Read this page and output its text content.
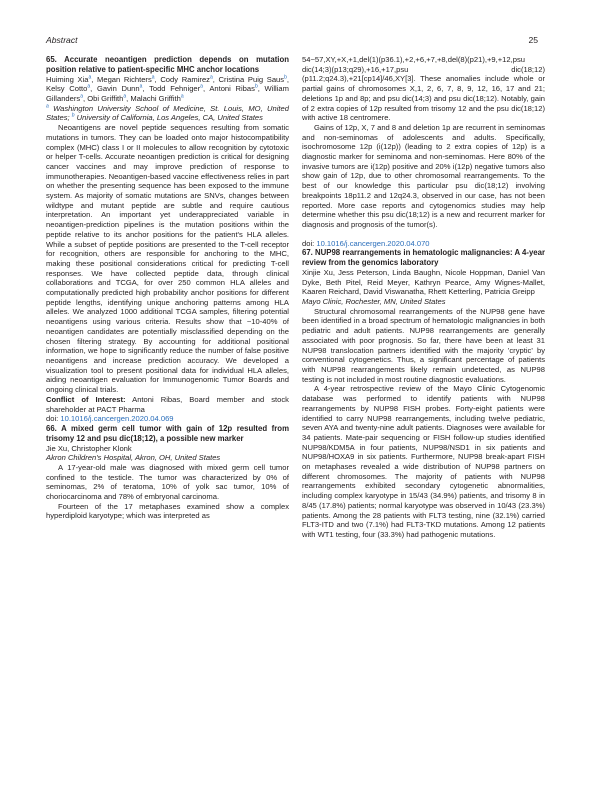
Abstract	25

65. Accurate neoantigen prediction depends on mutation position relative to patient-specific MHC anchor locations

Huiming Xia$^a$, Megan Richters$^a$, Cody Ramirez$^a$, Cristina Puig Saus$^b$, Kelsy Cotto$^a$, Gavin Dunn$^a$, Todd Fehniger$^a$, Antoni Ribas$^b$, William Gillanders$^a$, Obi Griffith$^a$, Malachi Griffith$^a$

$^a$ Washington University School of Medicine, St. Louis, MO, United States; $^b$ University of California, Los Angeles, CA, United States

Neoantigens are novel peptide sequences resulting from somatic mutations in tumors. They can be loaded onto major histocompatibility complex (MHC) class I or II molecules to allow recognition by cytotoxic or helper T-cells. Accurate neoantigen prediction is critical for designing cancer vaccines and may improve prediction of response to immunotherapies. Neoantigen-based vaccine effectiveness relies in part on whether the presenting sequence has been exposed to the immune system. As majority of somatic mutations are SNVs, changes between wildtype and mutant peptide are subtle and require cautious interpretation. An important yet underappreciated variable in neoantigen-prediction pipelines is the mutation positions within the peptide relative to its anchor positions for the patient's HLA alleles. While a subset of peptide positions are presented to the T-cell receptor for recognition, others are responsible for anchoring to the MHC, making these positional considerations critical for predicting T-cell responses. We have collected peptide data, through clinical collaborations and TCGA, for over 250 common HLA alleles and computationally predicted high probability anchor positions for different peptide lengths, identifying unique anchoring patterns among HLA alleles. We analyzed 1000 additional TCGA samples, filtering potential neoantigens using various criteria. Results show that ~10-40% of neoantigen candidates are potentially misclassified depending on the chosen filtering strategy. By accounting for additional positional information, we hope to significantly reduce the number of false positive neoantigens and increase prediction accuracy. We developed a visualization tool to present positional data for individual HLA alleles, aiding neoantigen evaluation for Immunogenomic Tumor Boards and ongoing clinical trials.

Conflict of Interest: Antoni Ribas, Board member and stock shareholder at PACT Pharma

doi: 10.1016/j.cancergen.2020.04.069

66. A mixed germ cell tumor with gain of 12p resulted from trisomy 12 and psu dic(18;12), a possible new marker

Jie Xu, Christopher Klonk

Akron Children's Hospital, Akron, OH, United States

A 17-year-old male was diagnosed with mixed germ cell tumor confined to the testicle. The tumor was characterized by 0% of seminomas, 2% of teratoma, 10% of yolk sac tumor, 10% of choriocarcinoma and 78% of embryonal carcinoma.

Fourteen of the 17 metaphases examined show a complex hyperdiploid karyotype; which was interpreted as

54~57,XY,+X,+1,del(1)(p36.1),+2,+6,+7,+8,del(8)(p21),+9,+12,psu dic(14;3)(p13;q29),+16,+17,psu dic(18;12)(p11.2;q24.3),+21[cp14]/46,XY[3]. These anomalies include whole or partial gains of chromosomes X,1, 2, 6, 7, 8, 9, 12, 16, 17 and 21; deletions 1p and 8p; and psu dic(14;3) and psu dic(18;12). Notably, gain of 2 extra copies of 12p resulted from trisomy 12 and the psu dic(18;12) with active 18 centromere.

Gains of 12p, X, 7 and 8 and deletion 1p are recurrent in seminomas and non-seminomas of adolescents and adults. Specifically, isochromosome 12p (i(12p)) (leading to 2 extra copies of 12p) is a diagnostic marker for seminoma and non-seminomas. Here 80% of the invasive tumors are i(12p) positive and 20% i(12p) negative tumors also show gain of 12p, due to other chromosomal rearrangements. To the best of our knowledge this particular psu dic(18;12) involving breakpoints 18p11.2 and 12q24.3, observed in our case, has not been reported. More case reports and cytogenomics studies may help determine whether this psu dic(18;12) is a new and recurrent marker for diagnosis and prognosis of the tumor(s).

doi: 10.1016/j.cancergen.2020.04.070

67. NUP98 rearrangements in hematologic malignancies: A 4-year review from the genomics laboratory

Xinjie Xu, Jess Peterson, Linda Baughn, Nicole Hoppman, Daniel Van Dyke, Beth Pitel, Reid Meyer, Kathryn Pearce, Amy Wignes-Mallet, Kaaren Reichard, David Viswanatha, Rhett Ketterling, Patricia Greipp

Mayo Clinic, Rochester, MN, United States

Structural chromosomal rearrangements of the NUP98 gene have been identified in a broad spectrum of hematologic malignancies in both pediatric and adult patients. NUP98 rearrangements are generally associated with poor prognosis. So far, there have been at least 31 NUP98 translocation partners identified with the majority 'cryptic' by conventional cytogenetics. Thus, a significant percentage of patients with NUP98 rearrangements likely remain undetected, as NUP98 testing is not included in most routine diagnostic evaluations.

A 4-year retrospective review of the Mayo Clinic Cytogenomic database was performed to identify patients with NUP98 rearrangements by NUP98 FISH probes. Forty-eight patients were identified to carry NUP98 rearrangements, including twelve pediatric, seven AYA and twenty-nine adult patients. Diagnoses were available for 34 patients. Mate-pair sequencing or FISH follow-up studies identified NUP98/KDM5A in four patients, NUP98/NSD1 in six patients and NUP98/HOXA9 in six patients. Furthermore, NUP98 break-apart FISH on metaphases revealed a wide distribution of NUP98 partners on different chromosomes. The majority of patients with NUP98 rearrangements exhibited secondary cytogenetic abnormalities, including complex karyotype in 15/43 (34.9%) patients, and trisomy 8 in 8/45 (17.8%) patients; normal karyotype was observed in 10/43 (23.3%) patients. Among the 28 patients with FLT3 testing, nine (32.1%) carried FLT3-ITD and two (7.1%) had FLT3-TKD mutations. Among 12 patients with WT1 testing, four (33.3%) had pathogenic mutations.
